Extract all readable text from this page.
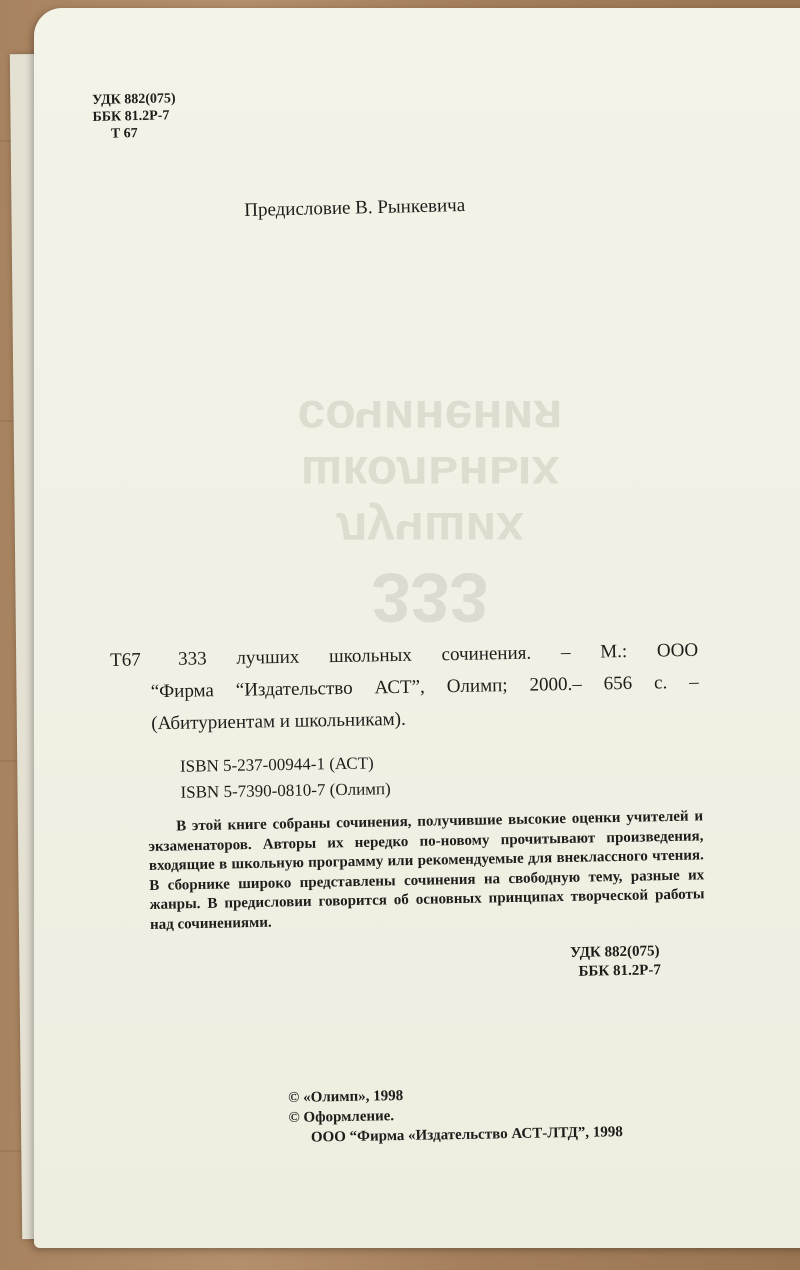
УДК 882(075)
ББК 81.2Р-7
Т 67
Предисловие В. Рынкевича
333
лучших школьных
сочинения
Т67 333 лучших школьных сочинения. – М.: ООО
“Фирма “Издательство АСТ”, Олимп; 2000.– 656 с. –
(Абитуриентам и школьникам).
ISBN 5-237-00944-1 (АСТ)
ISBN 5-7390-0810-7 (Олимп)
В этой книге собраны сочинения, получившие высокие оценки учителей и экзаменаторов. Авторы их нередко по-новому прочитывают произведения, входящие в школьную программу или рекомендуемые для внеклассного чтения. В сборнике широко представлены сочинения на свободную тему, разные их жанры. В предисловии говорится об основных принципах творческой работы над сочинениями.
УДК 882(075)
ББК 81.2Р-7
© «Олимп», 1998
© Оформление.
ООО “Фирма «Издательство АСТ-ЛТД”, 1998
